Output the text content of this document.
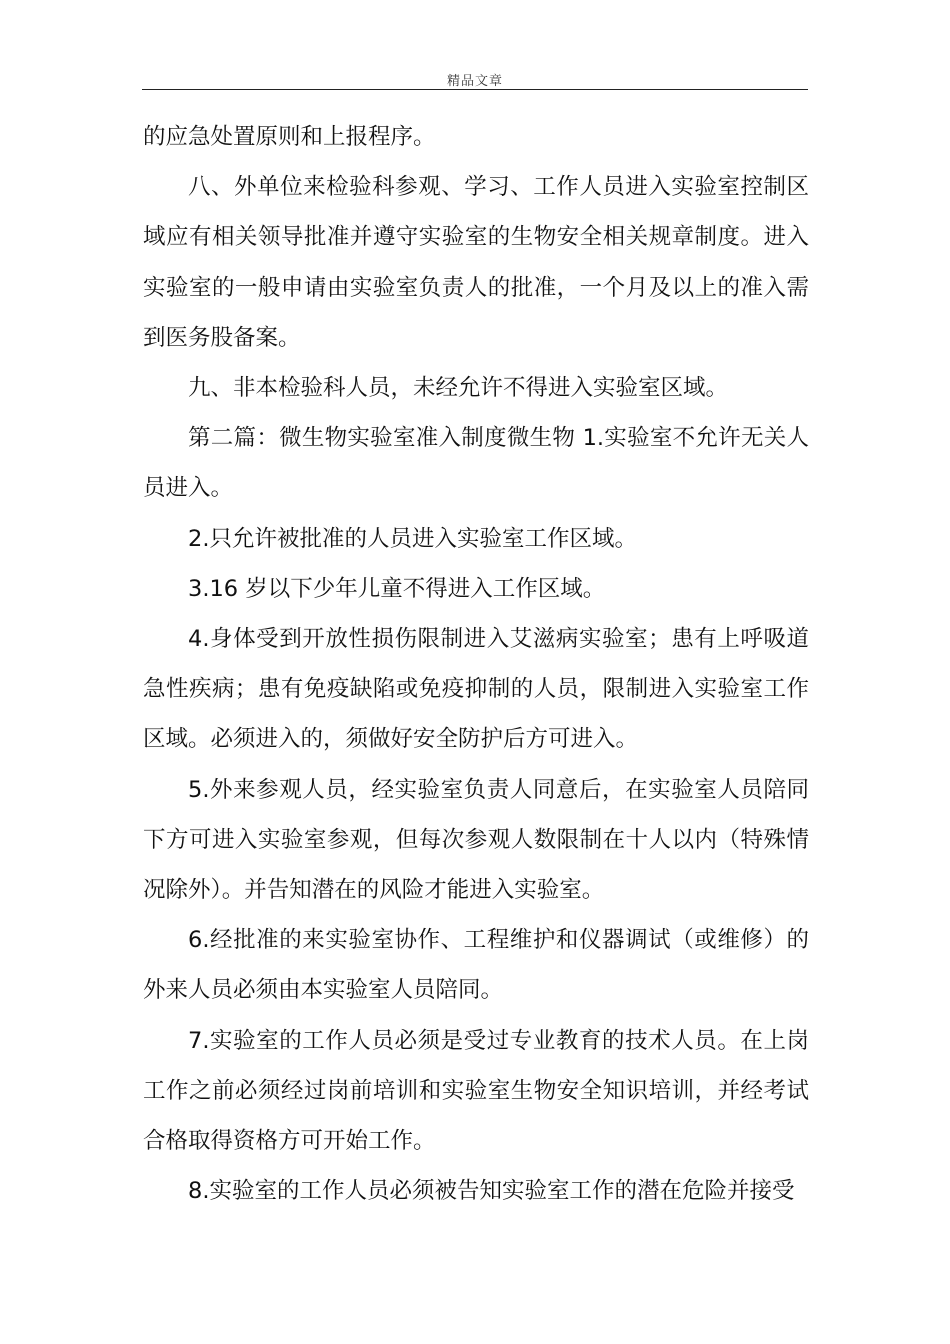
精品文章

的应急处置原则和上报程序。

八、外单位来检验科参观、学习、工作人员进入实验室控制区域应有相关领导批准并遵守实验室的生物安全相关规章制度。进入实验室的一般申请由实验室负责人的批准，一个月及以上的准入需到医务股备案。

九、非本检验科人员，未经允许不得进入实验室区域。

第二篇：微生物实验室准入制度微生物 1.实验室不允许无关人员进入。

2.只允许被批准的人员进入实验室工作区域。

3.16 岁以下少年儿童不得进入工作区域。

4.身体受到开放性损伤限制进入艾滋病实验室；患有上呼吸道急性疾病；患有免疫缺陷或免疫抑制的人员，限制进入实验室工作区域。必须进入的，须做好安全防护后方可进入。

5.外来参观人员，经实验室负责人同意后，在实验室人员陪同下方可进入实验室参观，但每次参观人数限制在十人以内（特殊情况除外）。并告知潜在的风险才能进入实验室。

6.经批准的来实验室协作、工程维护和仪器调试（或维修）的外来人员必须由本实验室人员陪同。

7.实验室的工作人员必须是受过专业教育的技术人员。在上岗工作之前必须经过岗前培训和实验室生物安全知识培训，并经考试合格取得资格方可开始工作。

8.实验室的工作人员必须被告知实验室工作的潜在危险并接受
